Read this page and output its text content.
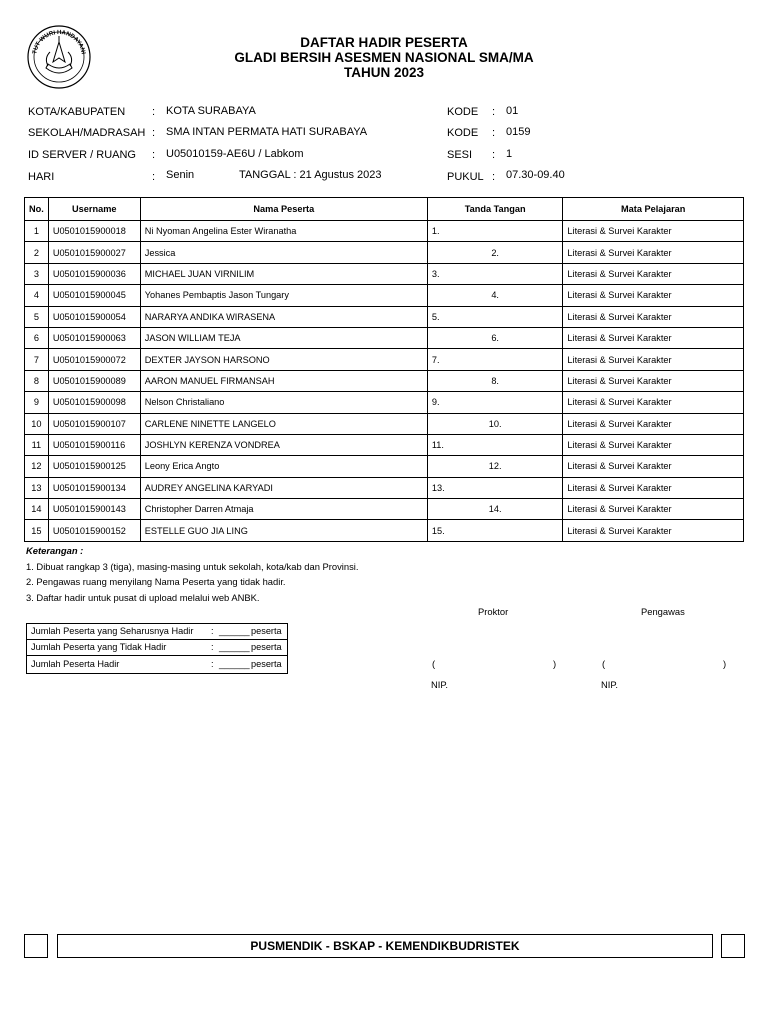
TUT WURI HANDAYANI
DAFTAR HADIR PESERTA
GLADI BERSIH ASESMEN NASIONAL SMA/MA
TAHUN 2023
KOTA/KABUPATEN : KOTA SURABAYA
SEKOLAH/MADRASAH : SMA INTAN PERMATA HATI SURABAYA
ID SERVER / RUANG : U05010159-AE6U / Labkom
HARI	: Senin	TANGGAL : 21 Agustus 2023
KODE : 01
KODE : 0159
SESI : 1
PUKUL : 07.30-09.40
No.	Username	Nama Peserta	Tanda Tangan	Mata Pelajaran
1	U0501015900018	Ni Nyoman Angelina Ester Wiranatha	1.	Literasi & Survei Karakter
2	U0501015900027	Jessica	2.	Literasi & Survei Karakter
3	U0501015900036	MICHAEL JUAN VIRNILIM	3.	Literasi & Survei Karakter
4	U0501015900045	Yohanes Pembaptis Jason Tungary	4.	Literasi & Survei Karakter
5	U0501015900054	NARARYA ANDIKA WIRASENA	5.	Literasi & Survei Karakter
6	U0501015900063	JASON WILLIAM TEJA	6.	Literasi & Survei Karakter
7	U0501015900072	DEXTER JAYSON HARSONO	7.	Literasi & Survei Karakter
8	U0501015900089	AARON MANUEL FIRMANSAH	8.	Literasi & Survei Karakter
9	U0501015900098	Nelson Christaliano	9.	Literasi & Survei Karakter
10	U0501015900107	CARLENE NINETTE LANGELO	10.	Literasi & Survei Karakter
11	U0501015900116	JOSHLYN KERENZA VONDREA	11.	Literasi & Survei Karakter
12	U0501015900125	Leony Erica Angto	12.	Literasi & Survei Karakter
13	U0501015900134	AUDREY ANGELINA KARYADI	13.	Literasi & Survei Karakter
14	U0501015900143	Christopher Darren Atmaja	14.	Literasi & Survei Karakter
15	U0501015900152	ESTELLE GUO JIA LING	15.	Literasi & Survei Karakter
Keterangan :
1. Dibuat rangkap 3 (tiga), masing-masing untuk sekolah, kota/kab dan Provinsi.
2. Pengawas ruang menyilang Nama Peserta yang tidak hadir.
3. Daftar hadir untuk pusat di upload melalui web ANBK.
Jumlah Peserta yang Seharusnya Hadir : ______ peserta
Jumlah Peserta yang Tidak Hadir	: ______ peserta
Jumlah Peserta Hadir	: ______ peserta
Proktor	Pengawas
(	)	(	)
NIP.	NIP.
PUSMENDIK - BSKAP - KEMENDIKBUDRISTEK
